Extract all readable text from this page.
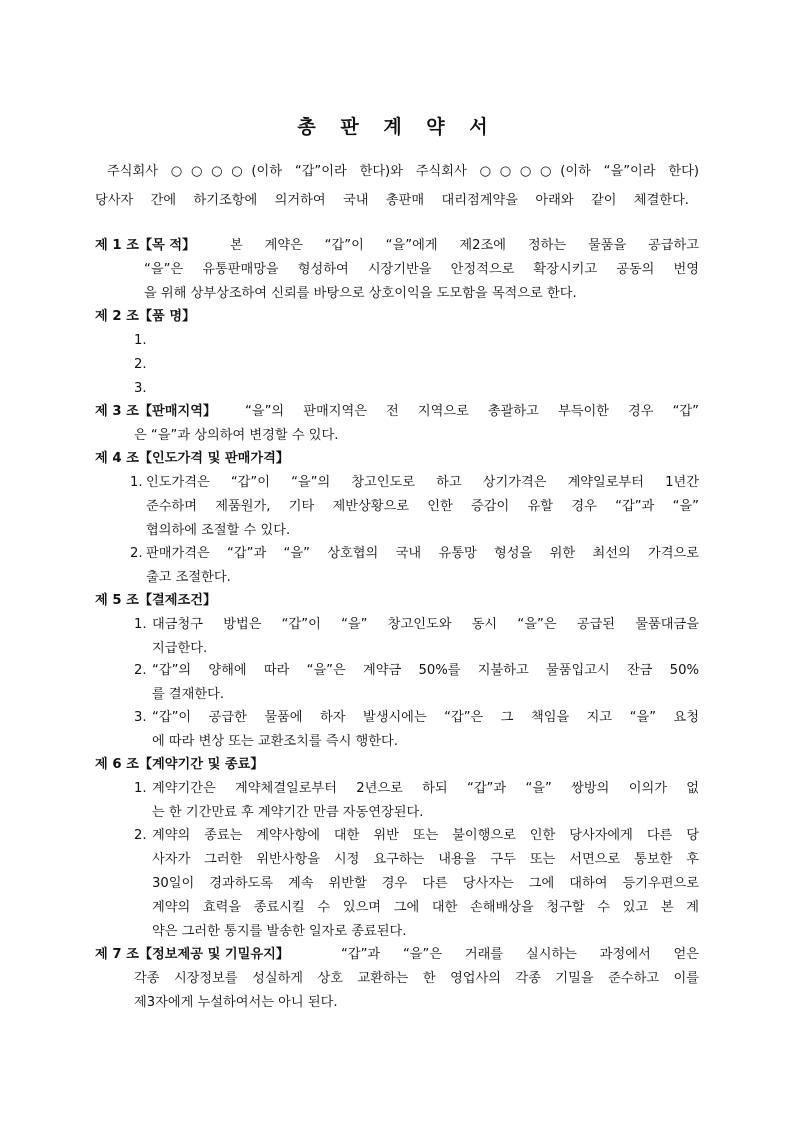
총 판 계 약 서
주식회사 ○○○○(이하 “갑”이라 한다)와 주식회사 ○○○○(이하 “을”이라 한다)
당사자 간에 하기조항에 의거하여 국내 총판매 대리점계약을 아래와 같이 체결한다.
제 1 조【목 적】	본 계약은 “갑”이 “을”에게 제2조에 정하는 물품을 공급하고
“을”은 유통판매망을 형성하여 시장기반을 안정적으로 확장시키고 공동의 번영
을 위해 상부상조하여 신뢰를 바탕으로 상호이익을 도모함을 목적으로 한다.
제 2 조【품 명】
1.
2.
3.
제 3 조【판매지역】 “을”의 판매지역은 전 지역으로 총괄하고 부득이한 경우 “갑”
은 “을”과 상의하여 변경할 수 있다.
제 4 조【인도가격 및 판매가격】
1. 인도가격은 “갑”이 “을”의 창고인도로 하고 상기가격은 계약일로부터 1년간
준수하며 제품원가, 기타 제반상황으로 인한 증감이 유할 경우 “갑”과 “을”
협의하에 조절할 수 있다.
2. 판매가격은 “갑”과 “을” 상호협의 국내 유통망 형성을 위한 최선의 가격으로
출고 조절한다.
제 5 조【결제조건】
1. 대금청구 방법은 “갑”이 “을” 창고인도와 동시 “을”은 공급된 물품대금을
지급한다.
2. “갑”의 양해에 따라 “을”은 계약금 50%를 지불하고 물품입고시 잔금 50%
를 결재한다.
3. “갑”이 공급한 물품에 하자 발생시에는 “갑”은 그 책임을 지고 “을” 요청
에 따라 변상 또는 교환조치를 즉시 행한다.
제 6 조【계약기간 및 종료】
1. 계약기간은 계약체결일로부터 2년으로 하되 “갑”과 “을” 쌍방의 이의가 없
는 한 기간만료 후 계약기간 만큼 자동연장된다.
2. 계약의 종료는 계약사항에 대한 위반 또는 불이행으로 인한 당사자에게 다른 당
사자가 그러한 위반사항을 시정 요구하는 내용을 구두 또는 서면으로 통보한 후
30일이 경과하도록 계속 위반할 경우 다른 당사자는 그에 대하여 등기우편으로
계약의 효력을 종료시킬 수 있으며 그에 대한 손해배상을 청구할 수 있고 본 계
약은 그러한 통지를 발송한 일자로 종료된다.
제 7 조【정보제공 및 기밀유지】	“갑”과 “을”은 거래를 실시하는 과정에서 얻은
각종 시장정보를 성실하게 상호 교환하는 한 영업사의 각종 기밀을 준수하고 이를
제3자에게 누설하여서는 아니 된다.
